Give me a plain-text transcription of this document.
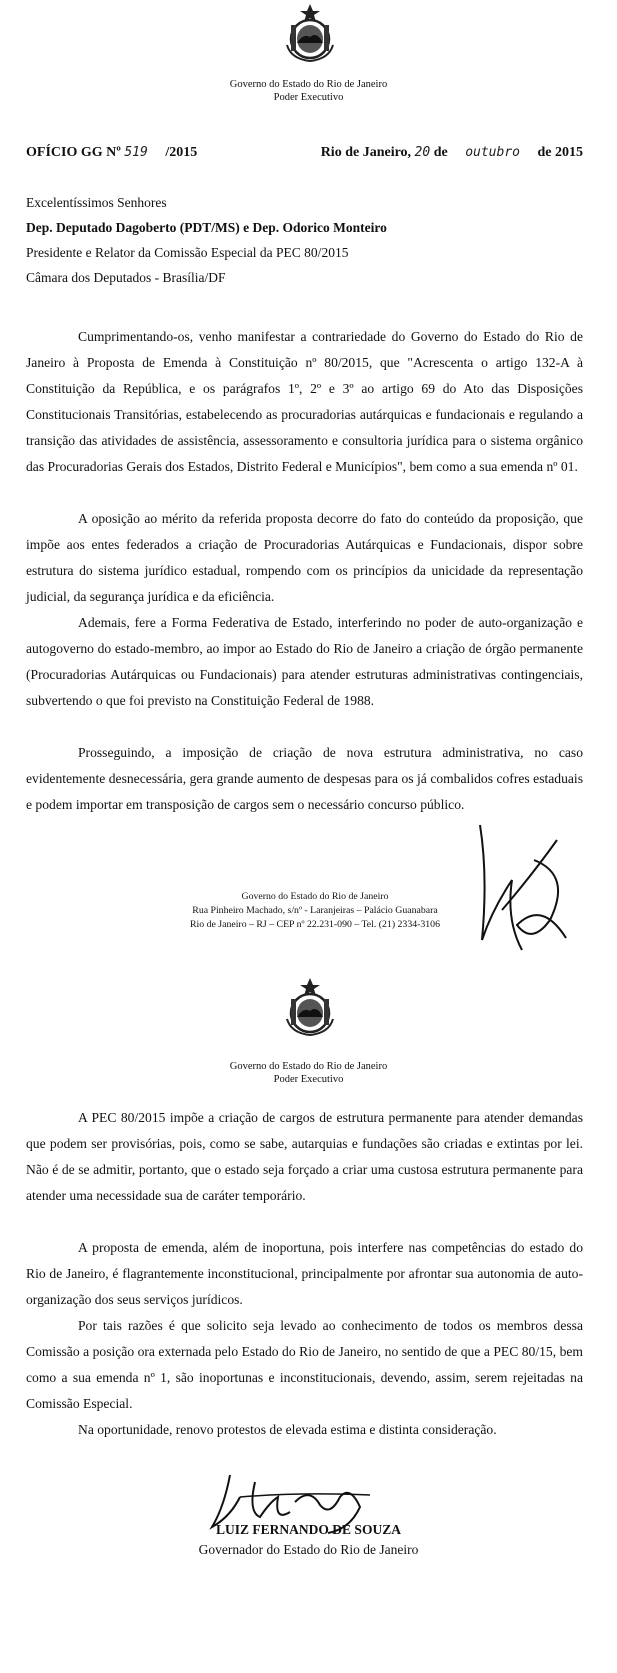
Governo do Estado do Rio de Janeiro
Poder Executivo
OFÍCIO GG Nº 519 /2015	Rio de Janeiro, 20 de outubro de 2015
Excelentíssimos Senhores
Dep. Deputado Dagoberto (PDT/MS) e Dep. Odorico Monteiro
Presidente e Relator da Comissão Especial da PEC 80/2015
Câmara dos Deputados - Brasília/DF

Cumprimentando-os, venho manifestar a contrariedade do Governo do Estado do Rio de Janeiro à Proposta de Emenda à Constituição nº 80/2015, que "Acrescenta o artigo 132-A à Constituição da República, e os parágrafos 1º, 2º e 3º ao artigo 69 do Ato das Disposições Constitucionais Transitórias, estabelecendo as procuradorias autárquicas e fundacionais e regulando a transição das atividades de assistência, assessoramento e consultoria jurídica para o sistema orgânico das Procuradorias Gerais dos Estados, Distrito Federal e Municípios", bem como a sua emenda nº 01.

A oposição ao mérito da referida proposta decorre do fato do conteúdo da proposição, que impõe aos entes federados a criação de Procuradorias Autárquicas e Fundacionais, dispor sobre estrutura do sistema jurídico estadual, rompendo com os princípios da unicidade da representação judicial, da segurança jurídica e da eficiência.

Ademais, fere a Forma Federativa de Estado, interferindo no poder de auto-organização e autogoverno do estado-membro, ao impor ao Estado do Rio de Janeiro a criação de órgão permanente (Procuradorias Autárquicas ou Fundacionais) para atender estruturas administrativas contingenciais, subvertendo o que foi previsto na Constituição Federal de 1988.

Prosseguindo, a imposição de criação de nova estrutura administrativa, no caso evidentemente desnecessária, gera grande aumento de despesas para os já combalidos cofres estaduais e podem importar em transposição de cargos sem o necessário concurso público.

Governo do Estado do Rio de Janeiro
Rua Pinheiro Machado, s/nº - Laranjeiras – Palácio Guanabara
Rio de Janeiro – RJ – CEP nº 22.231-090 – Tel. (21) 2334-3106
Governo do Estado do Rio de Janeiro
Poder Executivo

A PEC 80/2015 impõe a criação de cargos de estrutura permanente para atender demandas que podem ser provisórias, pois, como se sabe, autarquias e fundações são criadas e extintas por lei. Não é de se admitir, portanto, que o estado seja forçado a criar uma custosa estrutura permanente para atender uma necessidade sua de caráter temporário.

A proposta de emenda, além de inoportuna, pois interfere nas competências do estado do Rio de Janeiro, é flagrantemente inconstitucional, principalmente por afrontar sua autonomia de auto-organização dos seus serviços jurídicos.

Por tais razões é que solicito seja levado ao conhecimento de todos os membros dessa Comissão a posição ora externada pelo Estado do Rio de Janeiro, no sentido de que a PEC 80/15, bem como a sua emenda nº 1, são inoportunas e inconstitucionais, devendo, assim, serem rejeitadas na Comissão Especial.

Na oportunidade, renovo protestos de elevada estima e distinta consideração.

LUIZ FERNANDO DE SOUZA
Governador do Estado do Rio de Janeiro
